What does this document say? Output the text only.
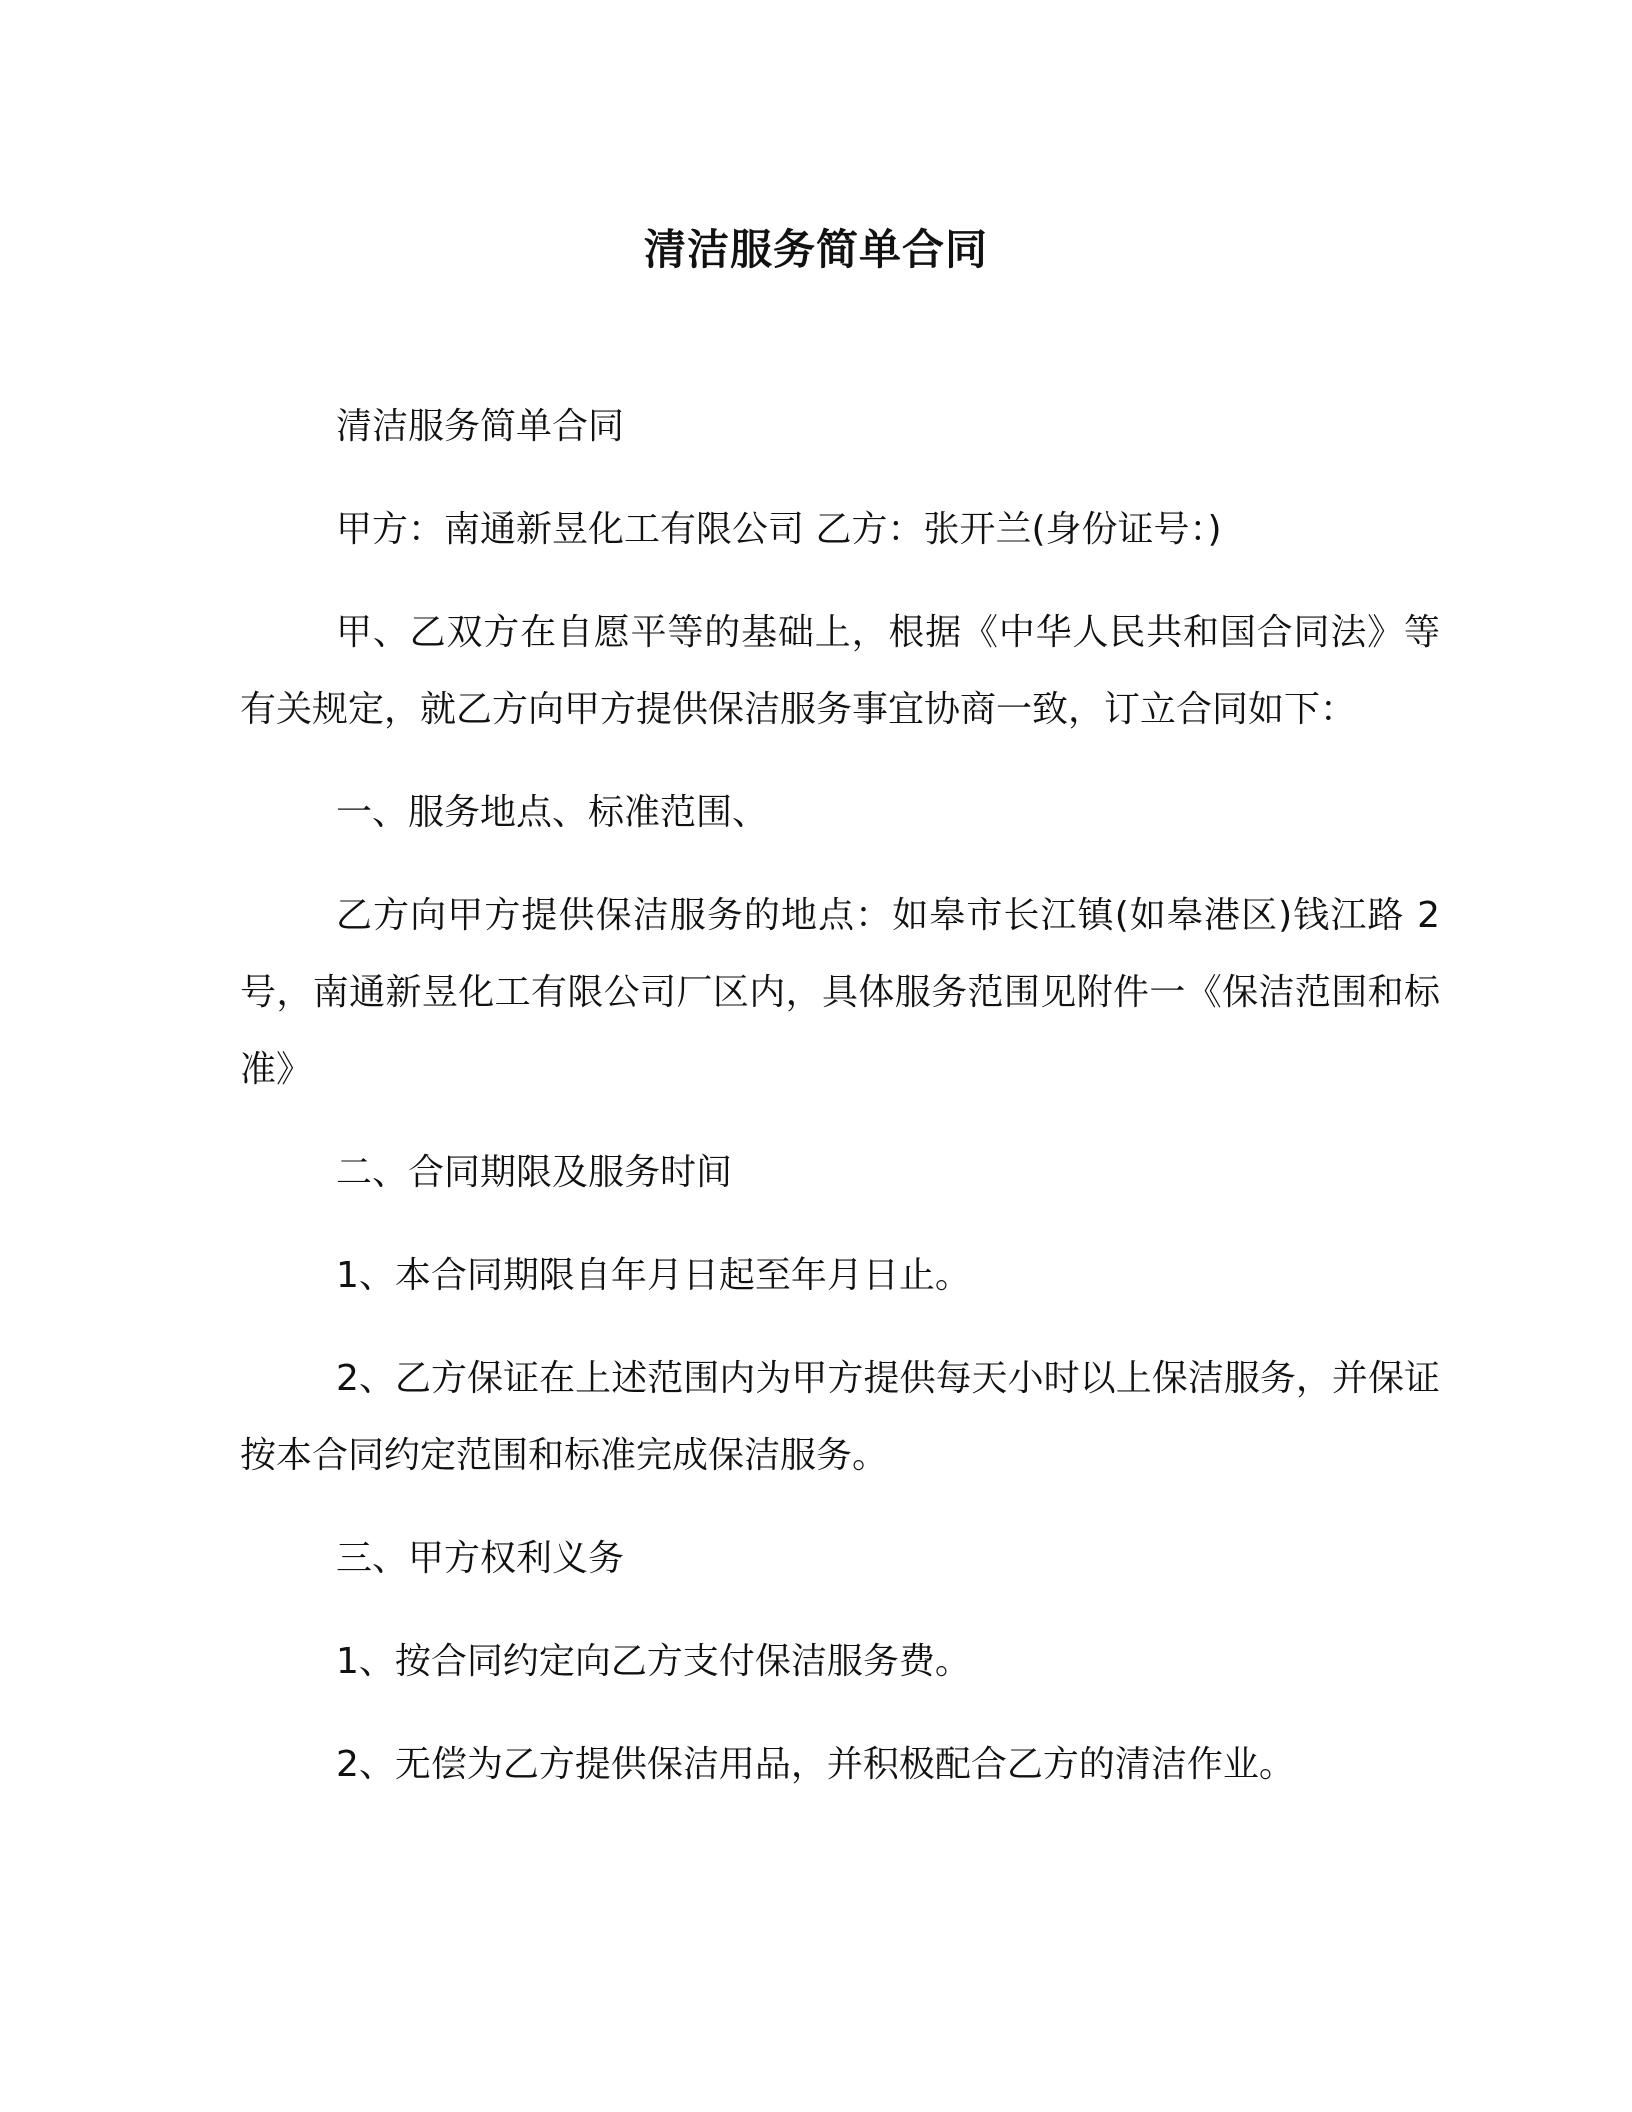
清洁服务简单合同

清洁服务简单合同

甲方：南通新昱化工有限公司 乙方：张开兰(身份证号：)

甲、乙双方在自愿平等的基础上，根据《中华人民共和国合同法》等有关规定，就乙方向甲方提供保洁服务事宜协商一致，订立合同如下：

一、服务地点、标准范围、

乙方向甲方提供保洁服务的地点：如皋市长江镇(如皋港区)钱江路 2 号，南通新昱化工有限公司厂区内，具体服务范围见附件一《保洁范围和标准》

二、合同期限及服务时间

1、本合同期限自年月日起至年月日止。

2、乙方保证在上述范围内为甲方提供每天小时以上保洁服务，并保证按本合同约定范围和标准完成保洁服务。

三、甲方权利义务

1、按合同约定向乙方支付保洁服务费。

2、无偿为乙方提供保洁用品，并积极配合乙方的清洁作业。
